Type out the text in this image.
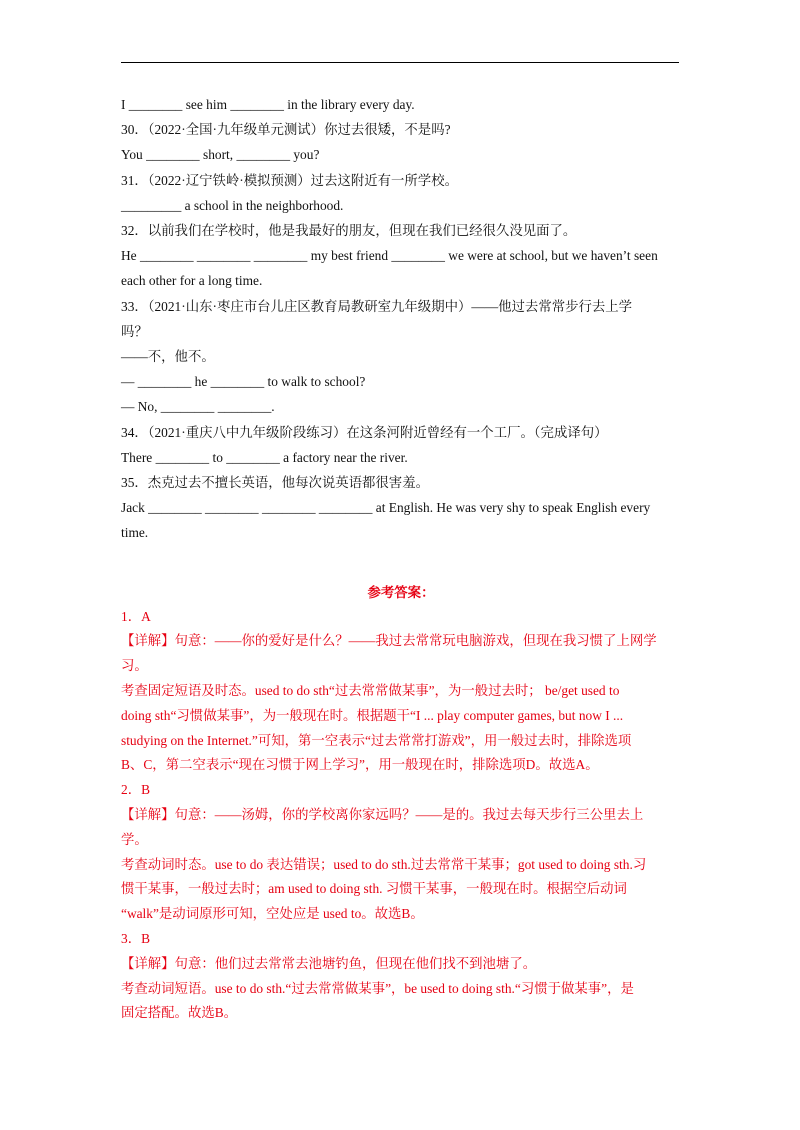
I ________ see him ________ in the library every day.

30．（2022·全国·九年级单元测试）你过去很矮，不是吗?

You ________ short, ________ you?

31．（2022·辽宁铁岭·模拟预测）过去这附近有一所学校。

_________ a school in the neighborhood.

32．以前我们在学校时，他是我最好的朋友，但现在我们已经很久没见面了。

He ________ ________ ________ my best friend ________ we were at school, but we haven’t seen

each other for a long time.

33．（2021·山东·枣庄市台儿庄区教育局教研室九年级期中）——他过去常常步行去上学

吗？

——不，他不。

— ________ he ________ to walk to school?

— No, ________ ________.

34．（2021·重庆八中九年级阶段练习）在这条河附近曾经有一个工厂。（完成译句）

There ________ to ________ a factory near the river.

35．杰克过去不擅长英语，他每次说英语都很害羞。

Jack ________ ________ ________ ________ at English. He was very shy to speak English every

time.

参考答案：

1．A

【详解】句意：——你的爱好是什么？——我过去常常玩电脑游戏，但现在我习惯了上网学

习。

考查固定短语及时态。used to do sth“过去常常做某事”，为一般过去时； be/get used to

doing sth“习惯做某事”，为一般现在时。根据题干“I ... play computer games, but now I ...

studying on the Internet.”可知，第一空表示“过去常常打游戏”，用一般过去时，排除选项

B、C，第二空表示“现在习惯于网上学习”，用一般现在时，排除选项D。故选A。

2．B

【详解】句意：——汤姆，你的学校离你家远吗？——是的。我过去每天步行三公里去上

学。

考查动词时态。use to do 表达错误；used to do sth.过去常常干某事；got used to doing sth.习

惯干某事，一般过去时；am used to doing sth. 习惯干某事，一般现在时。根据空后动词

“walk”是动词原形可知，空处应是 used to。故选B。

3．B

【详解】句意：他们过去常常去池塘钓鱼，但现在他们找不到池塘了。

考查动词短语。use to do sth.“过去常常做某事”，be used to doing sth.“习惯于做某事”，是

固定搭配。故选B。
